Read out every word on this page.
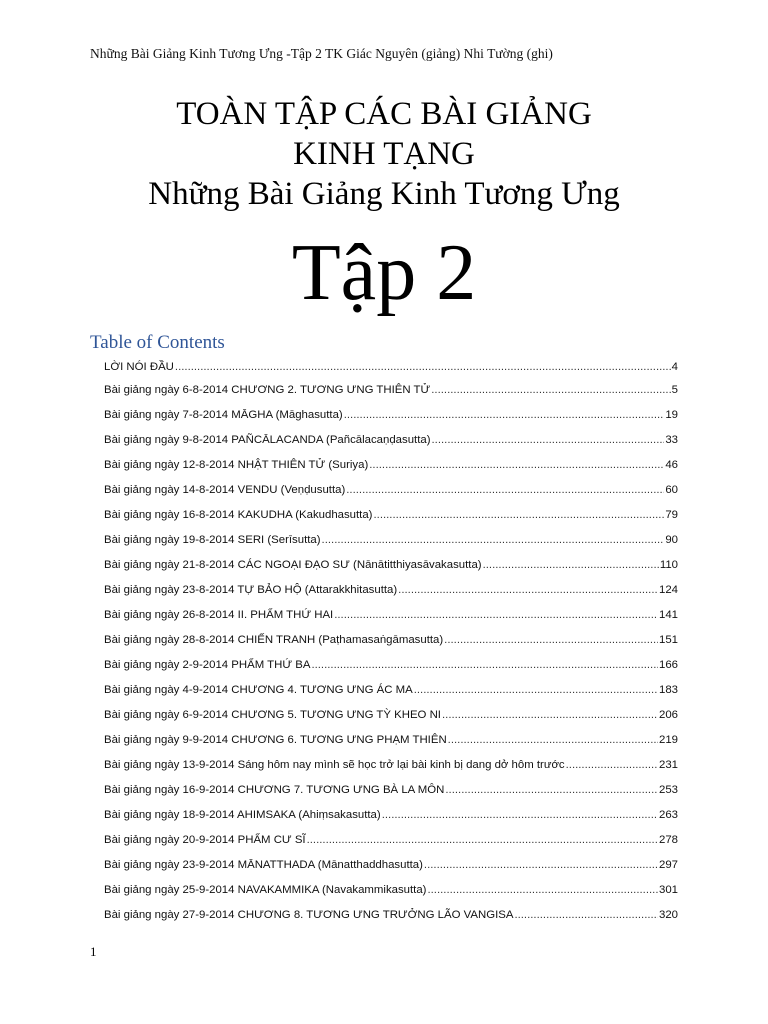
Những Bài Giảng Kinh Tương Ưng -Tập 2 TK Giác Nguyên (giảng) Nhi Tường (ghi)
TOÀN TẬP CÁC BÀI GIẢNG
KINH TẠNG
Những Bài Giảng Kinh Tương Ưng
Tập 2
Table of Contents
LỜI NÓI ĐẦU .....	4
Bài giảng ngày 6-8-2014 CHƯƠNG 2. TƯƠNG ƯNG THIÊN TỬ .....	5
Bài giảng ngày 7-8-2014 MĀGHA (Māghasutta) .....	19
Bài giảng ngày 9-8-2014 PAÑCĀLACANDA (Pañcālacaṇḍasutta) .....	33
Bài giảng ngày 12-8-2014 NHẬT THIÊN TỬ (Suriya) .....	46
Bài giảng ngày 14-8-2014 VENDU (Veṇḍusutta) .....	60
Bài giảng ngày 16-8-2014 KAKUDHA (Kakudhasutta) .....	79
Bài giảng ngày 19-8-2014 SERI (Serīsutta) .....	90
Bài giảng ngày 21-8-2014 CÁC NGOẠI ĐẠO SƯ (Nānātitthiyasāvakasutta) .....	110
Bài giảng ngày 23-8-2014 TỰ BẢO HỘ (Attarakkhitasutta) .....	124
Bài giảng ngày 26-8-2014 II. PHẨM THỨ HAI .....	141
Bài giảng ngày 28-8-2014 CHIẾN TRANH (Paṭhamasaṅgāmasutta) .....	151
Bài giảng ngày 2-9-2014 PHẨM THỨ BA .....	166
Bài giảng ngày 4-9-2014 CHƯƠNG 4. TƯƠNG ƯNG ÁC MA .....	183
Bài giảng ngày 6-9-2014 CHƯƠNG 5. TƯƠNG ƯNG TỲ KHEO NI .....	206
Bài giảng ngày 9-9-2014 CHƯƠNG 6. TƯƠNG ƯNG PHẠM THIÊN .....	219
Bài giảng ngày 13-9-2014 Sáng hôm nay mình sẽ học trở lại bài kinh bị dang dở hôm trước .....	231
Bài giảng ngày 16-9-2014 CHƯƠNG 7. TƯƠNG ƯNG BÀ LA MÔN .....	253
Bài giảng ngày 18-9-2014 AHIMSAKA (Ahiṃsakasutta) .....	263
Bài giảng ngày 20-9-2014 PHẨM CƯ SĨ .....	278
Bài giảng ngày 23-9-2014 MĀNATTHADA (Mānatthaddhasutta) .....	297
Bài giảng ngày 25-9-2014 NAVAKAMMIKA (Navakammikasutta) .....	301
Bài giảng ngày 27-9-2014 CHƯƠNG 8. TƯƠNG ƯNG TRƯỞNG LÃO VANGISA .....	320
1
